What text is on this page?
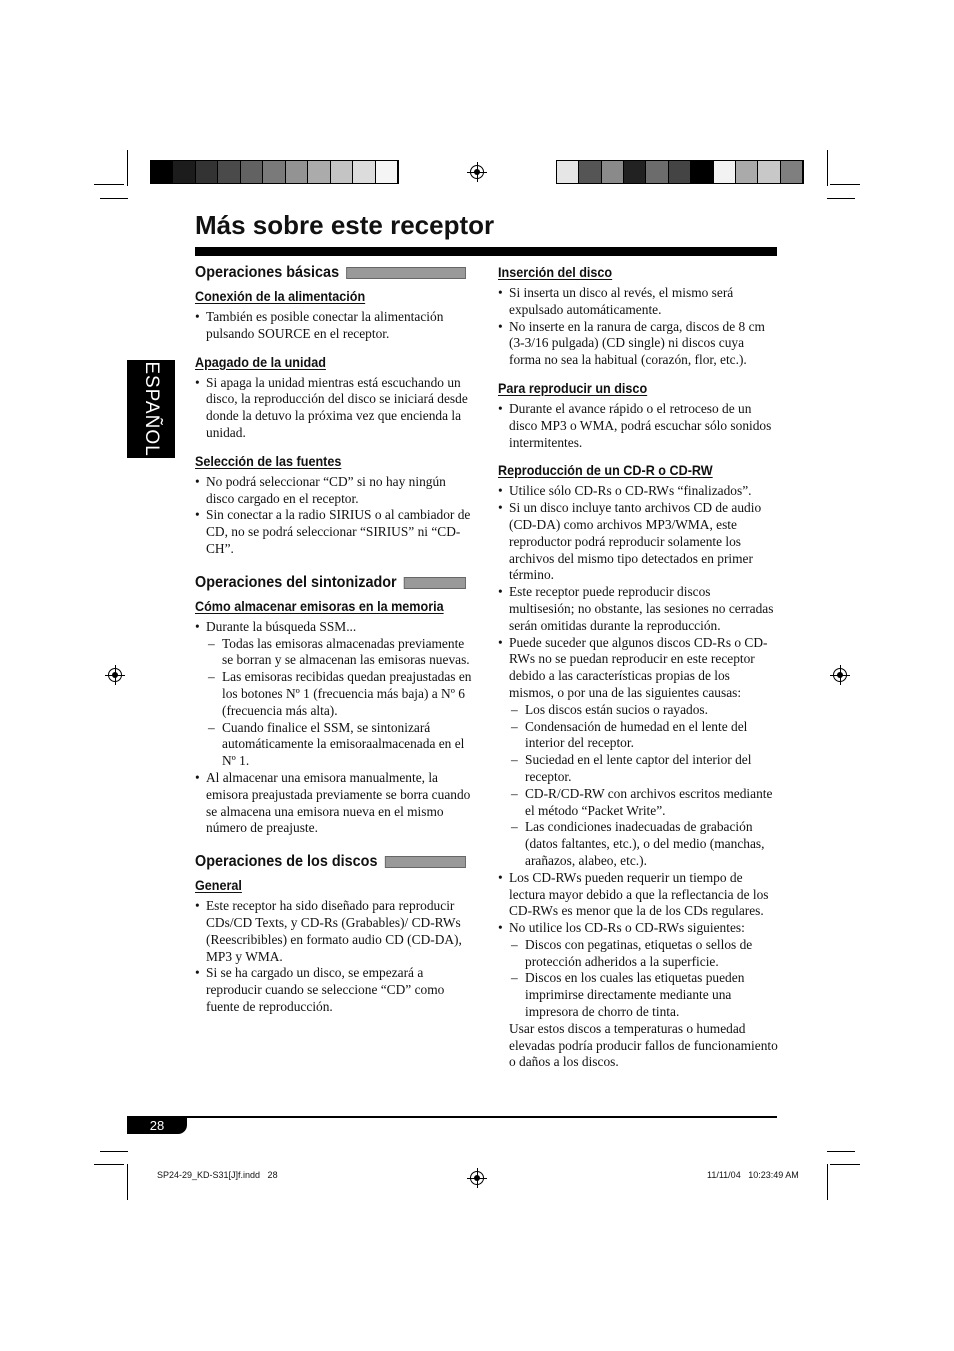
Más sobre este receptor
ESPAÑOL
Operaciones básicas
Conexión de la alimentación
• También es posible conectar la alimentación pulsando SOURCE en el receptor.
Apagado de la unidad
• Si apaga la unidad mientras está escuchando un disco, la reproducción del disco se iniciará desde donde la detuvo la próxima vez que encienda la unidad.
Selección de las fuentes
• No podrá seleccionar “CD” si no hay ningún disco cargado en el receptor.
• Sin conectar a la radio SIRIUS o al cambiador de CD, no se podrá seleccionar “SIRIUS” ni “CD-CH”.
Operaciones del sintonizador
Cómo almacenar emisoras en la memoria
• Durante la búsqueda SSM...
– Todas las emisoras almacenadas previamente se borran y se almacenan las emisoras nuevas.
– Las emisoras recibidas quedan preajustadas en los botones Nº 1 (frecuencia más baja) a Nº 6 (frecuencia más alta).
– Cuando finalice el SSM, se sintonizará automáticamente la emisoraalmacenada en el Nº 1.
• Al almacenar una emisora manualmente, la emisora preajustada previamente se borra cuando se almacena una emisora nueva en el mismo número de preajuste.
Operaciones de los discos
General
• Este receptor ha sido diseñado para reproducir CDs/CD Texts, y CD-Rs (Grabables)/ CD-RWs (Reescribibles) en formato audio CD (CD-DA), MP3 y WMA.
• Si se ha cargado un disco, se empezará a reproducir cuando se seleccione “CD” como fuente de reproducción.
Inserción del disco
• Si inserta un disco al revés, el mismo será expulsado automáticamente.
• No inserte en la ranura de carga, discos de 8 cm (3-3/16 pulgada) (CD single) ni discos cuya forma no sea la habitual (corazón, flor, etc.).
Para reproducir un disco
• Durante el avance rápido o el retroceso de un disco MP3 o WMA, podrá escuchar sólo sonidos intermitentes.
Reproducción de un CD-R o CD-RW
• Utilice sólo CD-Rs o CD-RWs “finalizados”.
• Si un disco incluye tanto archivos CD de audio (CD-DA) como archivos MP3/WMA, este reproductor podrá reproducir solamente los archivos del mismo tipo detectados en primer término.
• Este receptor puede reproducir discos multisesión; no obstante, las sesiones no cerradas serán omitidas durante la reproducción.
• Puede suceder que algunos discos CD-Rs o CD-RWs no se puedan reproducir en este receptor debido a las características propias de los mismos, o por una de las siguientes causas:
– Los discos están sucios o rayados.
– Condensación de humedad en el lente del interior del receptor.
– Suciedad en el lente captor del interior del receptor.
– CD-R/CD-RW con archivos escritos mediante el método “Packet Write”.
– Las condiciones inadecuadas de grabación (datos faltantes, etc.), o del medio (manchas, arañazos, alabeo, etc.).
• Los CD-RWs pueden requerir un tiempo de lectura mayor debido a que la reflectancia de los CD-RWs es menor que la de los CDs regulares.
• No utilice los CD-Rs o CD-RWs siguientes:
– Discos con pegatinas, etiquetas o sellos de protección adheridos a la superficie.
– Discos en los cuales las etiquetas pueden imprimirse directamente mediante una impresora de chorro de tinta.
Usar estos discos a temperaturas o humedad elevadas podría producir fallos de funcionamiento o daños a los discos.
28
SP24-29_KD-S31[J]f.indd   28	11/11/04   10:23:49 AM
